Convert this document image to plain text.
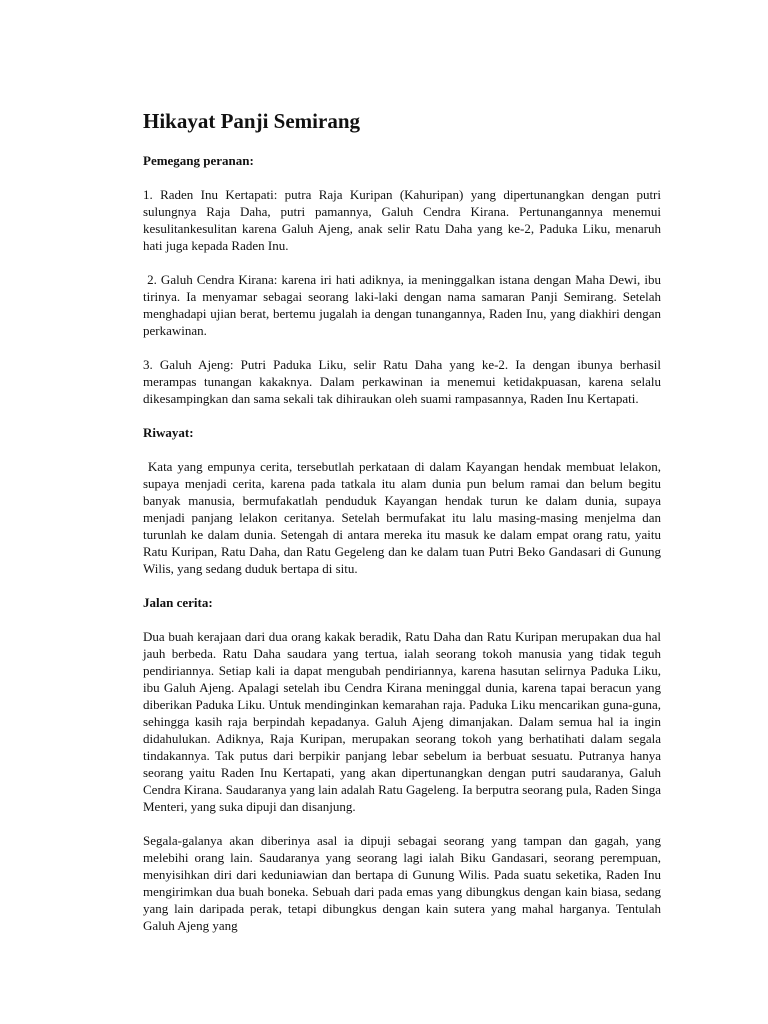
Hikayat Panji Semirang
Pemegang peranan:

1. Raden Inu Kertapati: putra Raja Kuripan (Kahuripan) yang dipertunangkan dengan putri sulungnya Raja Daha, putri pamannya, Galuh Cendra Kirana. Pertunangannya menemui kesulitankesulitan karena Galuh Ajeng, anak selir Ratu Daha yang ke-2, Paduka Liku, menaruh hati juga kepada Raden Inu.

2. Galuh Cendra Kirana: karena iri hati adiknya, ia meninggalkan istana dengan Maha Dewi, ibu tirinya. Ia menyamar sebagai seorang laki-laki dengan nama samaran Panji Semirang. Setelah menghadapi ujian berat, bertemu jugalah ia dengan tunangannya, Raden Inu, yang diakhiri dengan perkawinan.

3. Galuh Ajeng: Putri Paduka Liku, selir Ratu Daha yang ke-2. Ia dengan ibunya berhasil merampas tunangan kakaknya. Dalam perkawinan ia menemui ketidakpuasan, karena selalu dikesampingkan dan sama sekali tak dihiraukan oleh suami rampasannya, Raden Inu Kertapati.

Riwayat:

Kata yang empunya cerita, tersebutlah perkataan di dalam Kayangan hendak membuat lelakon, supaya menjadi cerita, karena pada tatkala itu alam dunia pun belum ramai dan belum begitu banyak manusia, bermufakatlah penduduk Kayangan hendak turun ke dalam dunia, supaya menjadi panjang lelakon ceritanya. Setelah bermufakat itu lalu masing-masing menjelma dan turunlah ke dalam dunia. Setengah di antara mereka itu masuk ke dalam empat orang ratu, yaitu Ratu Kuripan, Ratu Daha, dan Ratu Gegeleng dan ke dalam tuan Putri Beko Gandasari di Gunung Wilis, yang sedang duduk bertapa di situ.

Jalan cerita:

Dua buah kerajaan dari dua orang kakak beradik, Ratu Daha dan Ratu Kuripan merupakan dua hal jauh berbeda. Ratu Daha saudara yang tertua, ialah seorang tokoh manusia yang tidak teguh pendiriannya. Setiap kali ia dapat mengubah pendiriannya, karena hasutan selirnya Paduka Liku, ibu Galuh Ajeng. Apalagi setelah ibu Cendra Kirana meninggal dunia, karena tapai beracun yang diberikan Paduka Liku. Untuk mendinginkan kemarahan raja. Paduka Liku mencarikan guna-guna, sehingga kasih raja berpindah kepadanya. Galuh Ajeng dimanjakan. Dalam semua hal ia ingin didahulukan. Adiknya, Raja Kuripan, merupakan seorang tokoh yang berhatihati dalam segala tindakannya. Tak putus dari berpikir panjang lebar sebelum ia berbuat sesuatu. Putranya hanya seorang yaitu Raden Inu Kertapati, yang akan dipertunangkan dengan putri saudaranya, Galuh Cendra Kirana. Saudaranya yang lain adalah Ratu Gageleng. Ia berputra seorang pula, Raden Singa Menteri, yang suka dipuji dan disanjung.

Segala-galanya akan diberinya asal ia dipuji sebagai seorang yang tampan dan gagah, yang melebihi orang lain. Saudaranya yang seorang lagi ialah Biku Gandasari, seorang perempuan, menyisihkan diri dari keduniawian dan bertapa di Gunung Wilis. Pada suatu seketika, Raden Inu mengirimkan dua buah boneka. Sebuah dari pada emas yang dibungkus dengan kain biasa, sedang yang lain daripada perak, tetapi dibungkus dengan kain sutera yang mahal harganya. Tentulah Galuh Ajeng yang
